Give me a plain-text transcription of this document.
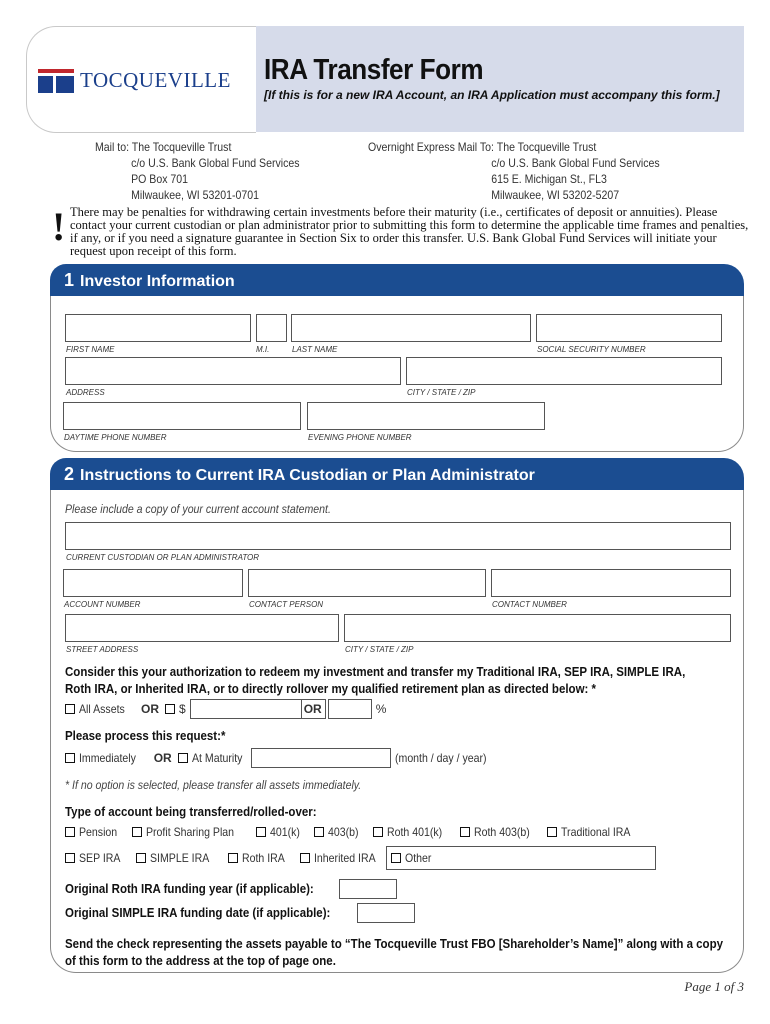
TOCQUEVILLE IRA Transfer Form
[If this is for a new IRA Account, an IRA Application must accompany this form.]
Mail to: The Tocqueville Trust
c/o U.S. Bank Global Fund Services
PO Box 701
Milwaukee, WI 53201-0701
Overnight Express Mail To: The Tocqueville Trust
c/o U.S. Bank Global Fund Services
615 E. Michigan St., FL3
Milwaukee, WI 53202-5207
! There may be penalties for withdrawing certain investments before their maturity (i.e., certificates of deposit or annuities). Please contact your current custodian or plan administrator prior to submitting this form to determine the applicable time frames and penalties, if any, or if you need a signature guarantee in Section Six to order this transfer. U.S. Bank Global Fund Services will initiate your request upon receipt of this form.
1 Investor Information
FIRST NAME	M.I.	LAST NAME	SOCIAL SECURITY NUMBER
ADDRESS	CITY / STATE / ZIP
DAYTIME PHONE NUMBER	EVENING PHONE NUMBER
2 Instructions to Current IRA Custodian or Plan Administrator
Please include a copy of your current account statement.
CURRENT CUSTODIAN OR PLAN ADMINISTRATOR
ACCOUNT NUMBER	CONTACT PERSON	CONTACT NUMBER
STREET ADDRESS	CITY / STATE / ZIP
Consider this your authorization to redeem my investment and transfer my Traditional IRA, SEP IRA, SIMPLE IRA, Roth IRA, or Inherited IRA, or to directly rollover my qualified retirement plan as directed below: *
All Assets OR $	OR	%
Please process this request:*
Immediately OR At Maturity	(month / day / year)
* If no option is selected, please transfer all assets immediately.
Type of account being transferred/rolled-over:
Pension Profit Sharing Plan	401(k) 403(b) Roth 401(k)	Roth 403(b)	Traditional IRA
SEP IRA SIMPLE IRA	Roth IRA Inherited IRA Other
Original Roth IRA funding year (if applicable):
Original SIMPLE IRA funding date (if applicable):
Send the check representing the assets payable to “The Tocqueville Trust FBO [Shareholder’s Name]” along with a copy of this form to the address at the top of page one.
Page 1 of 3
